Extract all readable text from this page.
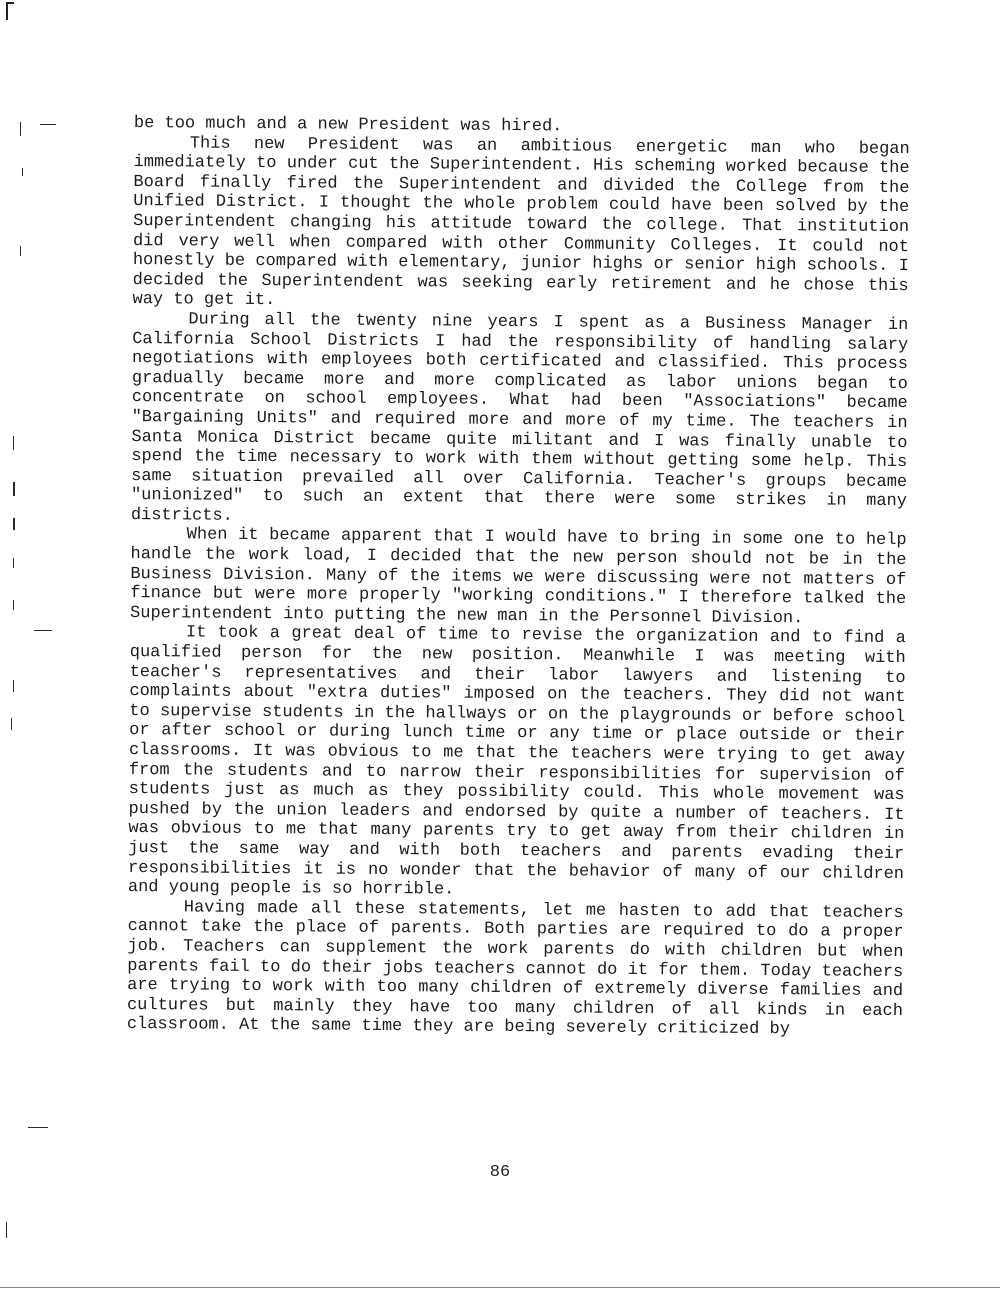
be too much and a new President was hired.

This new President was an ambitious energetic man who began immediately to under cut the Superintendent. His scheming worked because the Board finally fired the Superintendent and divided the College from the Unified District. I thought the whole problem could have been solved by the Superintendent changing his attitude toward the college. That institution did very well when compared with other Community Colleges. It could not honestly be compared with elementary, junior highs or senior high schools. I decided the Superintendent was seeking early retirement and he chose this way to get it.

During all the twenty nine years I spent as a Business Manager in California School Districts I had the responsibility of handling salary negotiations with employees both certificated and classified. This process gradually became more and more complicated as labor unions began to concentrate on school employees. What had been "Associations" became "Bargaining Units" and required more and more of my time. The teachers in Santa Monica District became quite militant and I was finally unable to spend the time necessary to work with them without getting some help. This same situation prevailed all over California. Teacher's groups became "unionized" to such an extent that there were some strikes in many districts.

When it became apparent that I would have to bring in some one to help handle the work load, I decided that the new person should not be in the Business Division. Many of the items we were discussing were not matters of finance but were more properly "working conditions." I therefore talked the Superintendent into putting the new man in the Personnel Division.

It took a great deal of time to revise the organization and to find a qualified person for the new position. Meanwhile I was meeting with teacher's representatives and their labor lawyers and listening to complaints about "extra duties" imposed on the teachers. They did not want to supervise students in the hallways or on the playgrounds or before school or after school or during lunch time or any time or place outside or their classrooms. It was obvious to me that the teachers were trying to get away from the students and to narrow their responsibilities for supervision of students just as much as they possibility could. This whole movement was pushed by the union leaders and endorsed by quite a number of teachers. It was obvious to me that many parents try to get away from their children in just the same way and with both teachers and parents evading their responsibilities it is no wonder that the behavior of many of our children and young people is so horrible.

Having made all these statements, let me hasten to add that teachers cannot take the place of parents. Both parties are required to do a proper job. Teachers can supplement the work parents do with children but when parents fail to do their jobs teachers cannot do it for them. Today teachers are trying to work with too many children of extremely diverse families and cultures but mainly they have too many children of all kinds in each classroom. At the same time they are being severely criticized by

86
